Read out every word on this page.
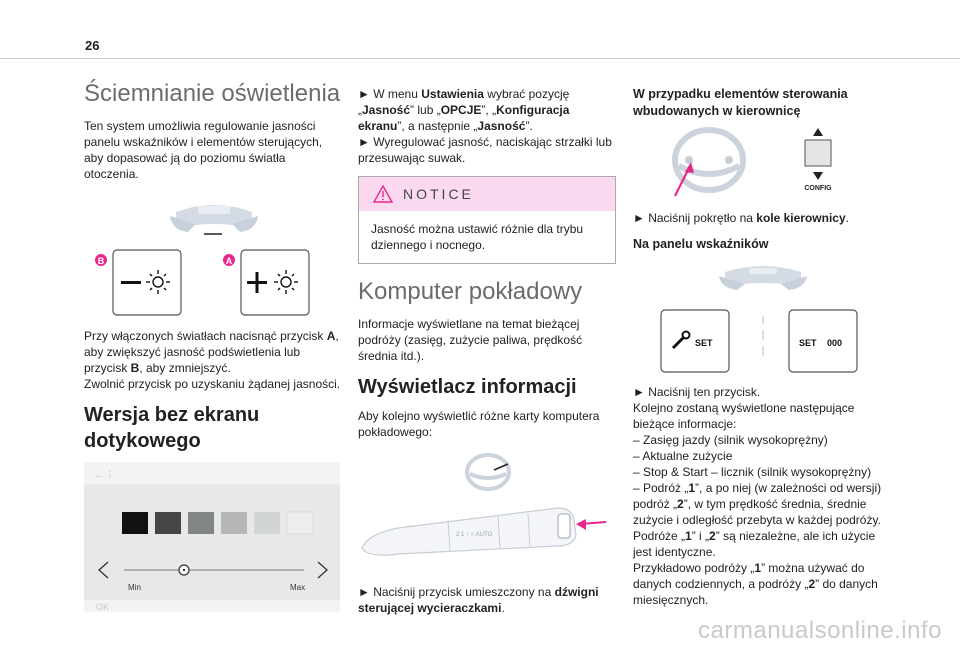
26
Ściemnianie oświetlenia

Ten system umożliwia regulowanie jasności panelu wskaźników i elementów sterujących, aby dopasować ją do poziomu światła otoczenia.

B	A

Przy włączonych światłach nacisnąć przycisk A, aby zwiększyć jasność podświetlenia lub przycisk B, aby zmniejszyć.

Zwolnić przycisk po uzyskaniu żądanej jasności.

Wersja bez ekranu dotykowego
← ⁝
Min	Max
OK

► W menu Ustawienia wybrać pozycję „Jasność” lub „OPCJE”, „Konfiguracja ekranu”, a następnie „Jasność”.

► Wyregulować jasność, naciskając strzałki lub przesuwając suwak.

NOTICE

Jasność można ustawić różnie dla trybu dziennego i nocnego.

Komputer pokładowy

Informacje wyświetlane na temat bieżącej podróży (zasięg, zużycie paliwa, prędkość średnia itd.).

Wyświetlacz informacji

Aby kolejno wyświetlić różne karty komputera pokładowego:

2 1 ↑ ○ AUTO

► Naciśnij przycisk umieszczony na dźwigni sterującej wycieraczkami.

W przypadku elementów sterowania wbudowanych w kierownicę
CONFIG

► Naciśnij pokrętło na kole kierownicy.

Na panelu wskaźników
SET	SET 000

► Naciśnij ten przycisk.

Kolejno zostaną wyświetlone następujące bieżące informacje:

– Zasięg jazdy (silnik wysokoprężny)

– Aktualne zużycie

– Stop & Start – licznik (silnik wysokoprężny)

– Podróż „1”, a po niej (w zależności od wersji) podróż „2”, w tym prędkość średnia, średnie zużycie i odległość przebyta w każdej podróży.

Podróże „1” i „2” są niezależne, ale ich użycie jest identyczne.

Przykładowo podróży „1” można używać do danych codziennych, a podróży „2” do danych miesięcznych.

carmanualsonline.info
